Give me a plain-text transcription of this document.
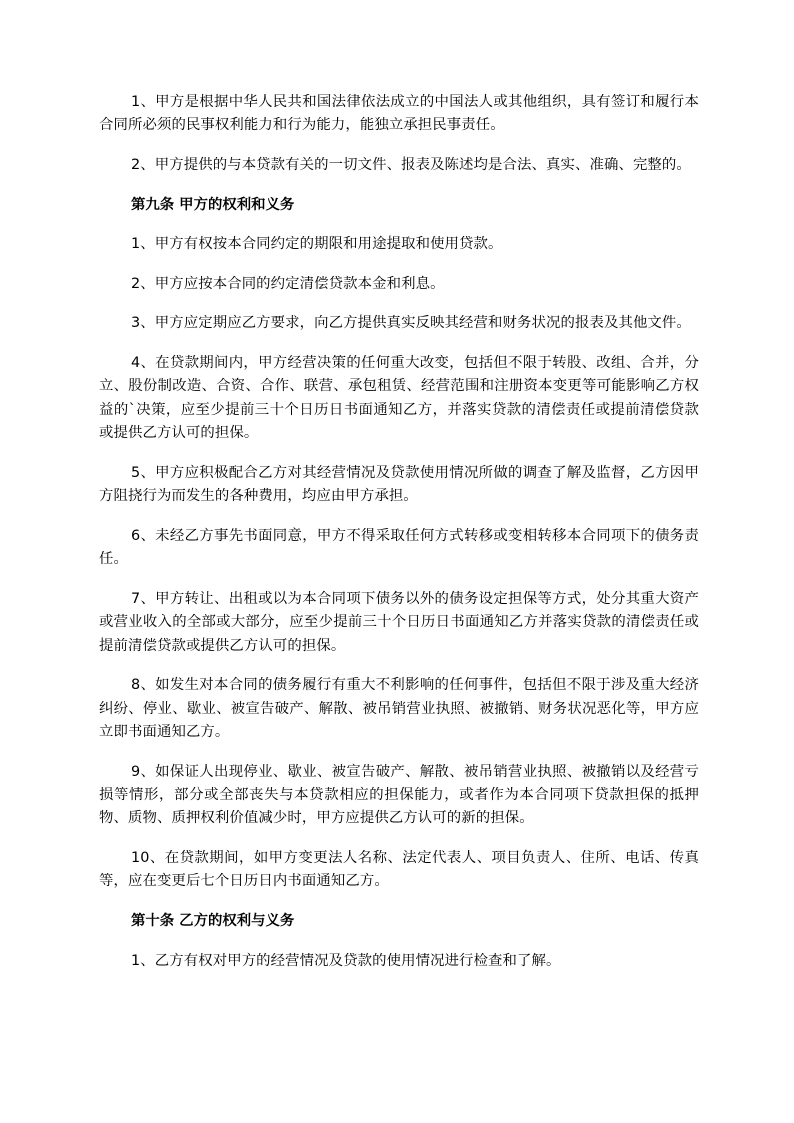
1、甲方是根据中华人民共和国法律依法成立的中国法人或其他组织，具有签订和履行本合同所必须的民事权利能力和行为能力，能独立承担民事责任。

2、甲方提供的与本贷款有关的一切文件、报表及陈述均是合法、真实、准确、完整的。

第九条 甲方的权利和义务

1、甲方有权按本合同约定的期限和用途提取和使用贷款。

2、甲方应按本合同的约定清偿贷款本金和利息。

3、甲方应定期应乙方要求，向乙方提供真实反映其经营和财务状况的报表及其他文件。

4、在贷款期间内，甲方经营决策的任何重大改变，包括但不限于转股、改组、合并，分立、股份制改造、合资、合作、联营、承包租赁、经营范围和注册资本变更等可能影响乙方权益的`决策，应至少提前三十个日历日书面通知乙方，并落实贷款的清偿责任或提前清偿贷款或提供乙方认可的担保。

5、甲方应积极配合乙方对其经营情况及贷款使用情况所做的调查了解及监督，乙方因甲方阻挠行为而发生的各种费用，均应由甲方承担。

6、未经乙方事先书面同意，甲方不得采取任何方式转移或变相转移本合同项下的债务责任。

7、甲方转让、出租或以为本合同项下债务以外的债务设定担保等方式，处分其重大资产或营业收入的全部或大部分，应至少提前三十个日历日书面通知乙方并落实贷款的清偿责任或提前清偿贷款或提供乙方认可的担保。

8、如发生对本合同的债务履行有重大不利影响的任何事件，包括但不限于涉及重大经济纠纷、停业、歇业、被宣告破产、解散、被吊销营业执照、被撤销、财务状况恶化等，甲方应立即书面通知乙方。

9、如保证人出现停业、歇业、被宣告破产、解散、被吊销营业执照、被撤销以及经营亏损等情形，部分或全部丧失与本贷款相应的担保能力，或者作为本合同项下贷款担保的抵押物、质物、质押权利价值减少时，甲方应提供乙方认可的新的担保。

10、在贷款期间，如甲方变更法人名称、法定代表人、项目负责人、住所、电话、传真等，应在变更后七个日历日内书面通知乙方。

第十条 乙方的权利与义务

1、乙方有权对甲方的经营情况及贷款的使用情况进行检查和了解。
